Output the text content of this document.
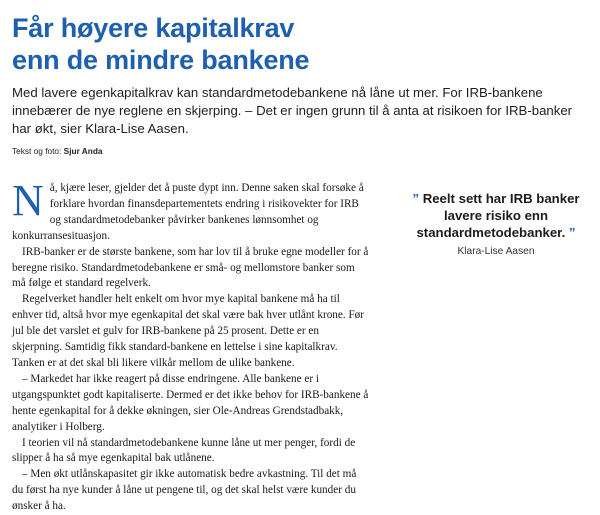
Får høyere kapitalkrav
enn de mindre bankene

Med lavere egenkapitalkrav kan standardmetodebankene nå låne ut mer. For IRB-bankene innebærer de nye reglene en skjerping. – Det er ingen grunn til å anta at risikoen for IRB-banker har økt, sier Klara-Lise Aasen.

Tekst og foto: Sjur Anda

Nå, kjære leser, gjelder det å puste dypt inn. Denne saken skal forsøke å forklare hvordan finansdepartementets endring i risikovekter for IRB og standardmetodebanker påvirker bankenes lønnsomhet og konkurransesituasjon.

IRB-banker er de største bankene, som har lov til å bruke egne modeller for å beregne risiko. Standardmetodebankene er små- og mellomstore banker som må følge et standard regelverk.

Regelverket handler helt enkelt om hvor mye kapital bankene må ha til enhver tid, altså hvor mye egenkapital det skal være bak hver utlånt krone. Før jul ble det varslet et gulv for IRB-bankene på 25 prosent. Dette er en skjerpning. Samtidig fikk standard-bankene en lettelse i sine kapitalkrav. Tanken er at det skal bli likere vilkår mellom de ulike bankene.

– Markedet har ikke reagert på disse endringene. Alle bankene er i utgangspunktet godt kapitaliserte. Dermed er det ikke behov for IRB-bankene å hente egenkapital for å dekke økningen, sier Ole-Andreas Grendstadbakk, analytiker i Holberg.

I teorien vil nå standardmetodebankene kunne låne ut mer penger, fordi de slipper å ha så mye egenkapital bak utlånene.

– Men økt utlånskapasitet gir ikke automatisk bedre avkastning. Til det må du først ha nye kunder å låne ut pengene til, og det skal helst være kunder du ønsker å ha.

” Reelt sett har IRB banker lavere risiko enn standardmetodebanker. ”

Klara-Lise Aasen
